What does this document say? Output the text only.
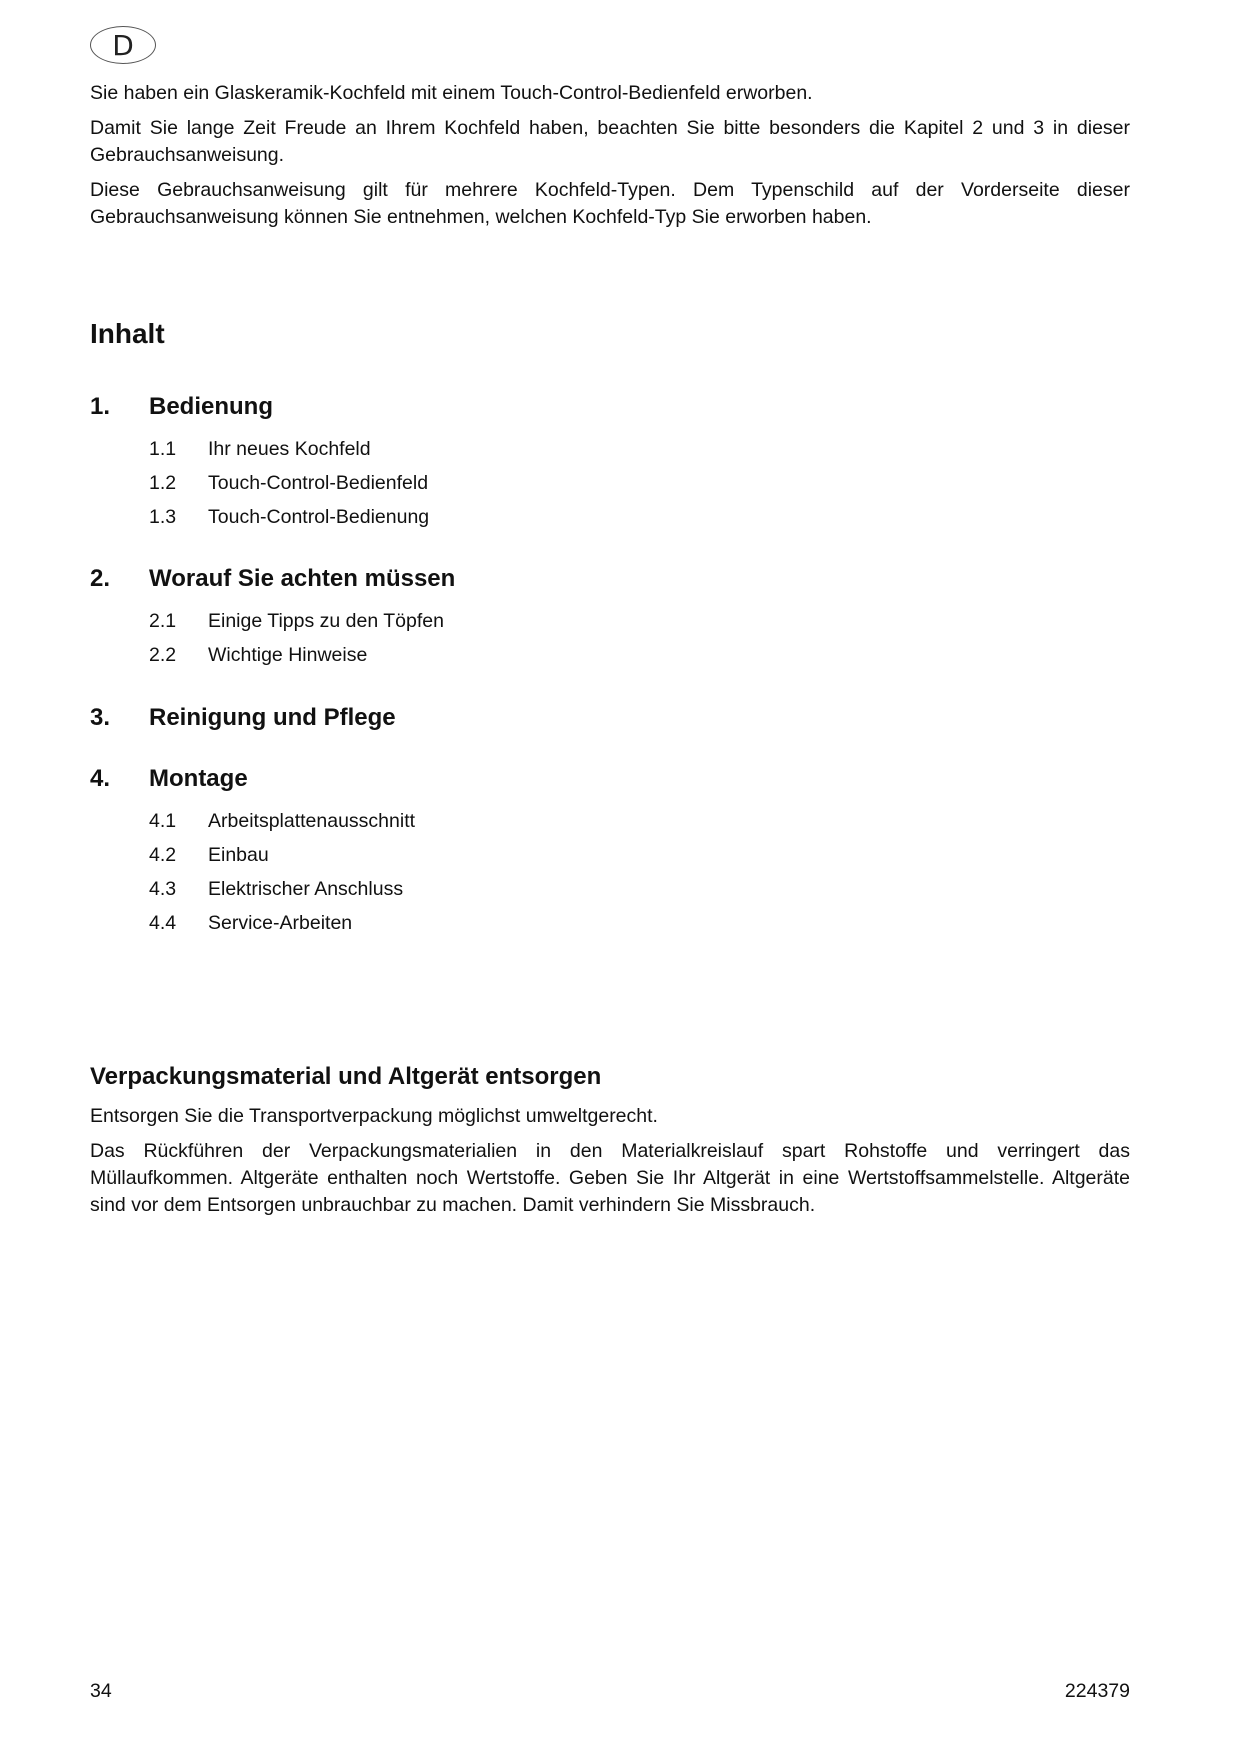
D

Sie haben ein Glaskeramik-Kochfeld mit einem Touch-Control-Bedienfeld erworben.

Damit Sie lange Zeit Freude an Ihrem Kochfeld haben, beachten Sie bitte besonders die Kapitel 2 und 3 in dieser Gebrauchsanweisung.

Diese Gebrauchsanweisung gilt für mehrere Kochfeld-Typen. Dem Typenschild auf der Vorderseite dieser Gebrauchsanweisung können Sie entnehmen, welchen Kochfeld-Typ Sie erworben haben.

Inhalt
1.	Bedienung
1.1	Ihr neues Kochfeld
1.2	Touch-Control-Bedienfeld
1.3	Touch-Control-Bedienung
2.	Worauf Sie achten müssen
2.1	Einige Tipps zu den Töpfen
2.2	Wichtige Hinweise
3.	Reinigung und Pflege
4.	Montage
4.1	Arbeitsplattenausschnitt
4.2	Einbau
4.3	Elektrischer Anschluss
4.4	Service-Arbeiten
Verpackungsmaterial und Altgerät entsorgen

Entsorgen Sie die Transportverpackung möglichst umweltgerecht.

Das Rückführen der Verpackungsmaterialien in den Materialkreislauf spart Rohstoffe und verringert das Müllaufkommen. Altgeräte enthalten noch Wertstoffe. Geben Sie Ihr Altgerät in eine Wertstoffsammelstelle. Altgeräte sind vor dem Entsorgen unbrauchbar zu machen. Damit verhindern Sie Missbrauch.

34	224379
